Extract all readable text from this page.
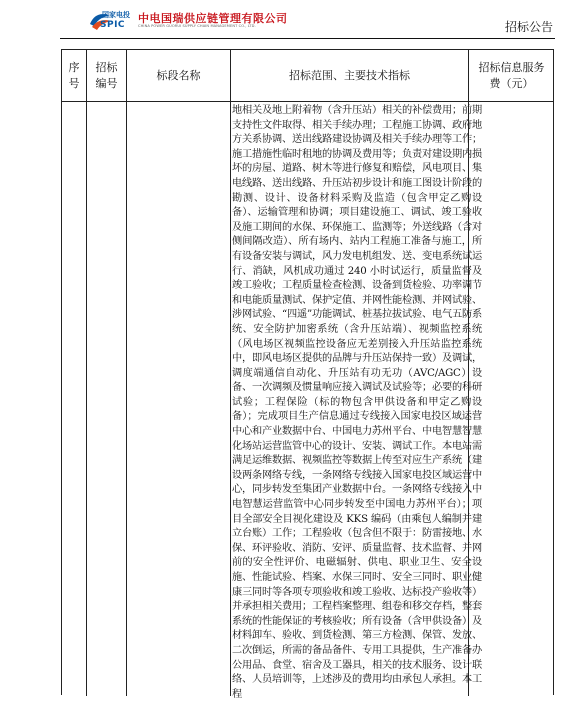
国家电投
SPIC 中电国瑞供应链管理有限公司
CHINA POWER GUORUI SUPPLY CHAIN MANAGEMENT CO., LTD.	招标公告
序号
招标编号
标段名称	招标范围、主要技术指标
招标信息服务费（元）

地相关及地上附着物（含升压站）相关的补偿费用；前期支持性文件取得、相关手续办理；工程施工协调、政府地方关系协调、送出线路建设协调及相关手续办理等工作；施工措施性临时租地的协调及费用等；负责对建设期内损坏的房屋、道路、树木等进行修复和赔偿，风电项目、集电线路、送出线路、升压站初步设计和施工图设计阶段的勘测、设计、设备材料采购及监造（包含甲定乙购设备）、运输管理和协调；项目建设施工、调试、竣工验收及施工期间的水保、环保施工、监测等；外送线路（含对侧间隔改造）、所有场内、站内工程施工准备与施工，所有设备安装与调试，风力发电机组发、送、变电系统试运行、消缺，风机成功通过 240 小时试运行，质量监督及竣工验收；工程质量检查检测、设备到货检验、功率调节和电能质量测试、保护定值、并网性能检测、并网试验、涉网试验、“四遥”功能调试、桩基拉拔试验、电气五防系统、安全防护加密系统（含升压站端）、视频监控系统（风电场区视频监控设备应无差别接入升压站监控系统中，即风电场区提供的品牌与升压站保持一致）及调试，调度端通信自动化、升压站有功无功（AVC/AGC）设备、一次调频及惯量响应接入调试及试验等；必要的科研试验；工程保险（标的物包含甲供设备和甲定乙购设备）；完成项目生产信息通过专线接入国家电投区域运营中心和产业数据中台、中国电力苏州平台、中电智慧智慧化场站运营监管中心的设计、安装、调试工作。本电站需满足运维数据、视频监控等数据上传至对应生产系统（建设两条网络专线，一条网络专线接入国家电投区域运营中心，同步转发至集团产业数据中台。一条网络专线接入中电智慧运营监管中心同步转发至中国电力苏州平台）；项目全部安全目视化建设及 KKS 编码（由乘包人编制并建立台账）工作；工程验收（包含但不限于：防雷接地、水保、环评验收、消防、安评、质量监督、技术监督、并网前的安全性评价、电磁辐射、供电、职业卫生、安全设施、性能试验、档案、水保三同时、安全三同时、职业健康三同时等各项专项验收和竣工验收、达标投产验收等）并承担相关费用；工程档案整理、组卷和移交存档，整套系统的性能保证的考核验收；所有设备（含甲供设备）及材料卸车、验收、到货检测、第三方检测、保管、发放、二次倒运，所需的备品备件、专用工具提供，生产准备办公用品、食堂、宿舍及工器具，相关的技术服务、设计联络、人员培训等，上述涉及的费用均由承包人承担。本工程
